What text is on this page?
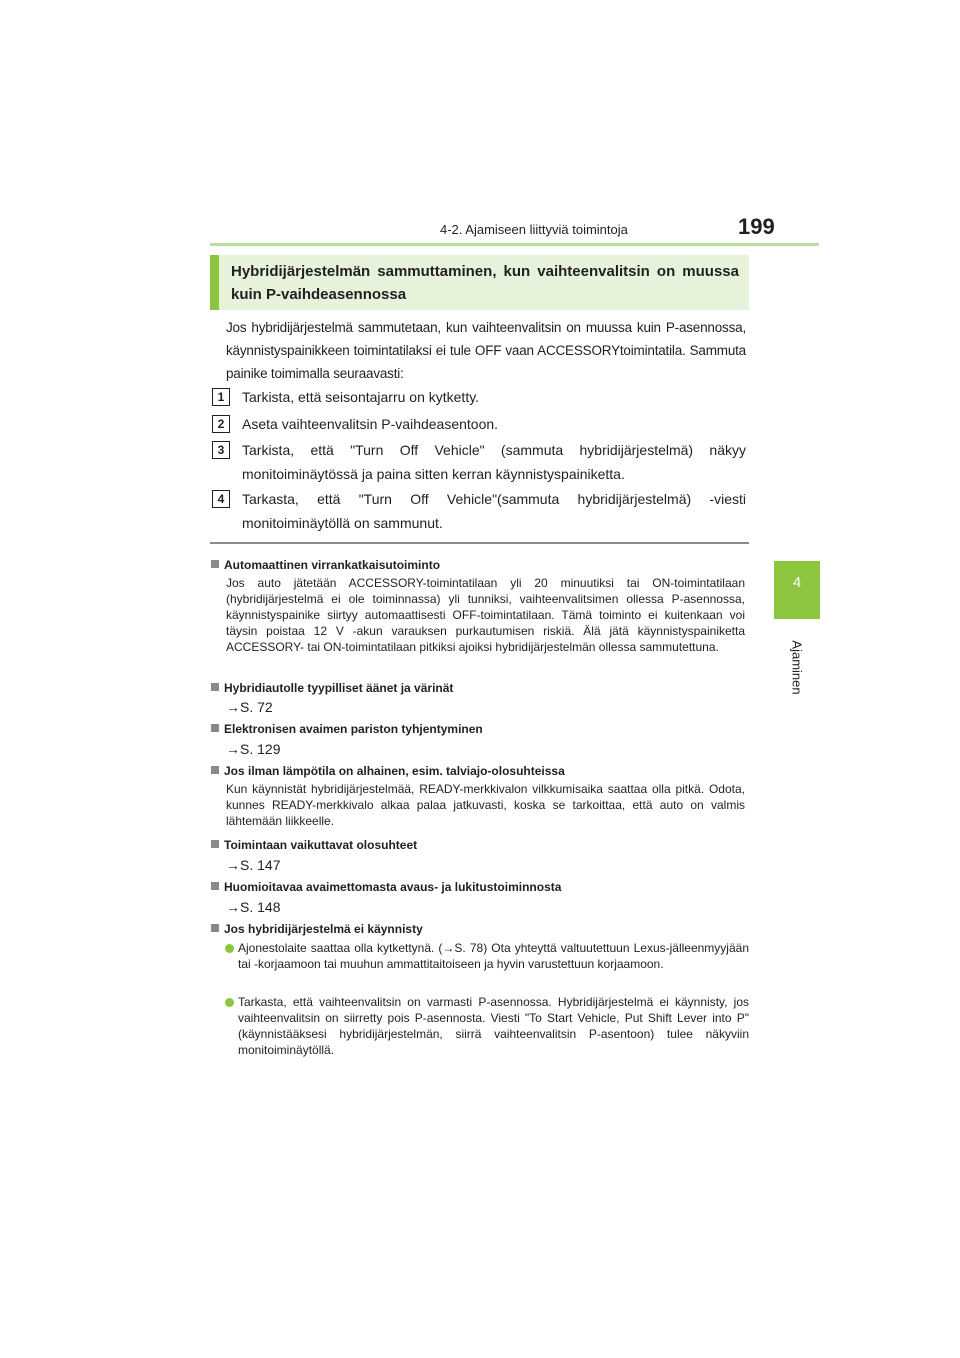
4-2. Ajamiseen liittyviä toimintoja	199
4
Ajaminen
Hybridijärjestelmän sammuttaminen, kun vaihteenvalitsin on muussa kuin P-vaihdeasennossa
Jos hybridijärjestelmä sammutetaan, kun vaihteenvalitsin on muussa kuin P-asennossa, käynnistyspainikkeen toimintatilaksi ei tule OFF vaan ACCESSORYtoimintatila. Sammuta painike toimimalla seuraavasti:
1	Tarkista, että seisontajarru on kytketty.
2	Aseta vaihteenvalitsin P-vaihdeasentoon.
3	Tarkista, että "Turn Off Vehicle" (sammuta hybridijärjestelmä) näkyy monitoiminäytössä ja paina sitten kerran käynnistyspainiketta.
4	Tarkasta, että "Turn Off Vehicle"(sammuta hybridijärjestelmä) -viesti monitoiminäytöllä on sammunut.
Automaattinen virrankatkaisutoiminto
Jos auto jätetään ACCESSORY-toimintatilaan yli 20 minuutiksi tai ON-toimintatilaan (hybridijärjestelmä ei ole toiminnassa) yli tunniksi, vaihteenvalitsimen ollessa P-asennossa, käynnistyspainike siirtyy automaattisesti OFF-toimintatilaan. Tämä toiminto ei kuitenkaan voi täysin poistaa 12 V -akun varauksen purkautumisen riskiä. Älä jätä käynnistyspainiketta ACCESSORY- tai ON-toimintatilaan pitkiksi ajoiksi hybridijärjestelmän ollessa sammutettuna.
Hybridiautolle tyypilliset äänet ja värinät
→S. 72
Elektronisen avaimen pariston tyhjentyminen
→S. 129
Jos ilman lämpötila on alhainen, esim. talviajo-olosuhteissa
Kun käynnistät hybridijärjestelmää, READY-merkkivalon vilkkumisaika saattaa olla pitkä. Odota, kunnes READY-merkkivalo alkaa palaa jatkuvasti, koska se tarkoittaa, että auto on valmis lähtemään liikkeelle.
Toimintaan vaikuttavat olosuhteet
→S. 147
Huomioitavaa avaimettomasta avaus- ja lukitustoiminnosta
→S. 148
Jos hybridijärjestelmä ei käynnisty
Ajonestolaite saattaa olla kytkettynä. (→S. 78) Ota yhteyttä valtuutettuun Lexus-jälleenmyyjään tai -korjaamoon tai muuhun ammattitaitoiseen ja hyvin varustettuun korjaamoon.
Tarkasta, että vaihteenvalitsin on varmasti P-asennossa. Hybridijärjestelmä ei käynnisty, jos vaihteenvalitsin on siirretty pois P-asennosta. Viesti "To Start Vehicle, Put Shift Lever into P" (käynnistääksesi hybridijärjestelmän, siirrä vaihteenvalitsin P-asentoon) tulee näkyviin monitoiminäytöllä.
